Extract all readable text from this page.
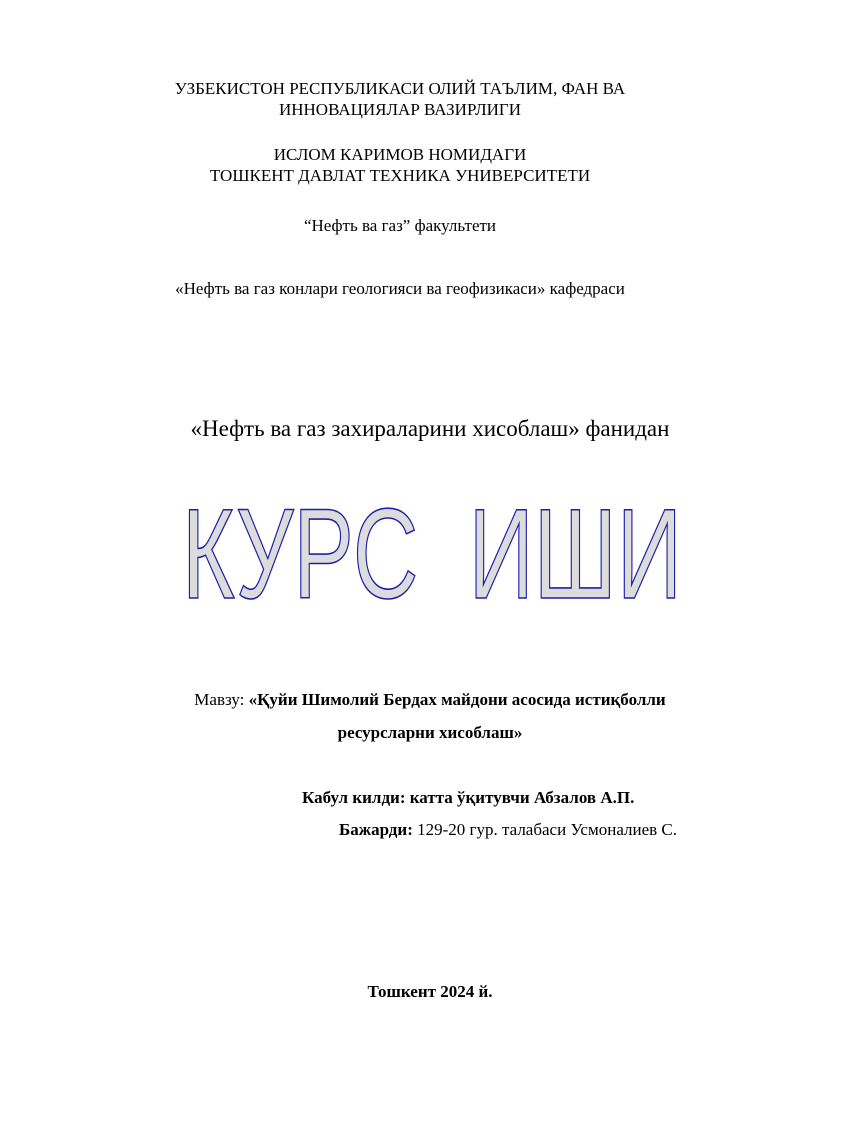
УЗБЕКИСТОН РЕСПУБЛИКАСИ ОЛИЙ ТАЪЛИМ, ФАН ВА
ИННОВАЦИЯЛАР ВАЗИРЛИГИ
ИСЛОМ КАРИМОВ НОМИДАГИ
ТОШКЕНТ ДАВЛАТ ТЕХНИКА УНИВЕРСИТЕТИ
“Нефть ва газ” факультети
«Нефть ва газ конлари геологияси ва геофизикаси» кафедраси
«Нефть ва газ захираларини хисоблаш» фанидан
КУРС  ИШИ
Мавзу: «Қуйи Шимолий Бердах майдони асосида истиқболли
ресурсларни хисоблаш»
Кабул килди: катта ўқитувчи Абзалов А.П.
Бажарди: 129-20 гур. талабаси Усмоналиев С.
Тошкент 2024 й.
